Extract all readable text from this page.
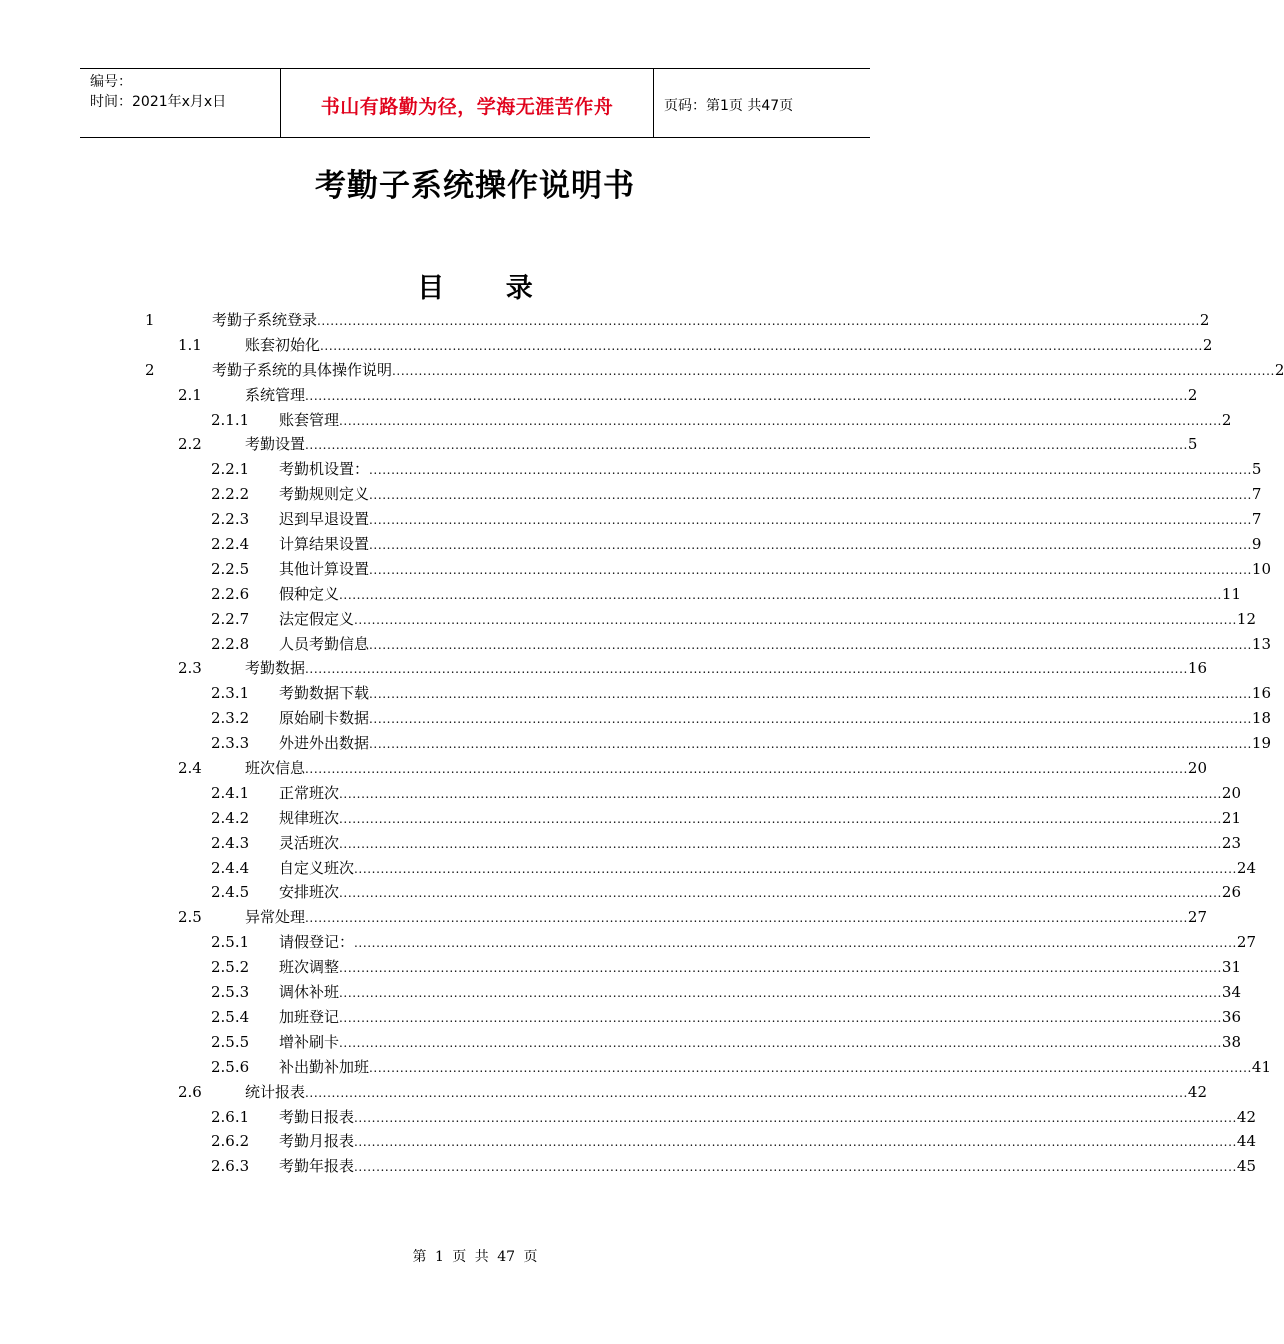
编号：
时间：2021年x月x日	书山有路勤为径，学海无涯苦作舟	页码：第1页 共47页
考勤子系统操作说明书
目 录
1	考勤子系统登录 ........................................................................................................................................................................................................ 2
1.1	账套初始化 ........................................................................................................................................................................................................ 2
2	考勤子系统的具体操作说明 ........................................................................................................................................................................................................ 2
2.1	系统管理 ........................................................................................................................................................................................................ 2
2.1.1 账套管理 ........................................................................................................................................................................................................ 2
2.2	考勤设置 ........................................................................................................................................................................................................ 5
2.2.1 考勤机设置： ........................................................................................................................................................................................................ 5
2.2.2 考勤规则定义 ........................................................................................................................................................................................................ 7
2.2.3 迟到早退设置 ........................................................................................................................................................................................................ 7
2.2.4 计算结果设置 ........................................................................................................................................................................................................ 9
2.2.5 其他计算设置 ........................................................................................................................................................................................................ 10
2.2.6 假种定义 ........................................................................................................................................................................................................ 11
2.2.7 法定假定义 ........................................................................................................................................................................................................ 12
2.2.8 人员考勤信息 ........................................................................................................................................................................................................ 13
2.3	考勤数据 ........................................................................................................................................................................................................ 16
2.3.1 考勤数据下载 ........................................................................................................................................................................................................ 16
2.3.2 原始刷卡数据 ........................................................................................................................................................................................................ 18
2.3.3 外进外出数据 ........................................................................................................................................................................................................ 19
2.4	班次信息 ........................................................................................................................................................................................................ 20
2.4.1 正常班次 ........................................................................................................................................................................................................ 20
2.4.2 规律班次 ........................................................................................................................................................................................................ 21
2.4.3 灵活班次 ........................................................................................................................................................................................................ 23
2.4.4 自定义班次 ........................................................................................................................................................................................................ 24
2.4.5 安排班次 ........................................................................................................................................................................................................ 26
2.5	异常处理 ........................................................................................................................................................................................................ 27
2.5.1 请假登记： ........................................................................................................................................................................................................ 27
2.5.2 班次调整 ........................................................................................................................................................................................................ 31
2.5.3 调休补班 ........................................................................................................................................................................................................ 34
2.5.4 加班登记 ........................................................................................................................................................................................................ 36
2.5.5 增补刷卡 ........................................................................................................................................................................................................ 38
2.5.6 补出勤补加班 ........................................................................................................................................................................................................ 41
2.6	统计报表 ........................................................................................................................................................................................................ 42
2.6.1 考勤日报表 ........................................................................................................................................................................................................ 42
2.6.2 考勤月报表 ........................................................................................................................................................................................................ 44
2.6.3 考勤年报表 ........................................................................................................................................................................................................ 45
第 1 页 共 47 页
